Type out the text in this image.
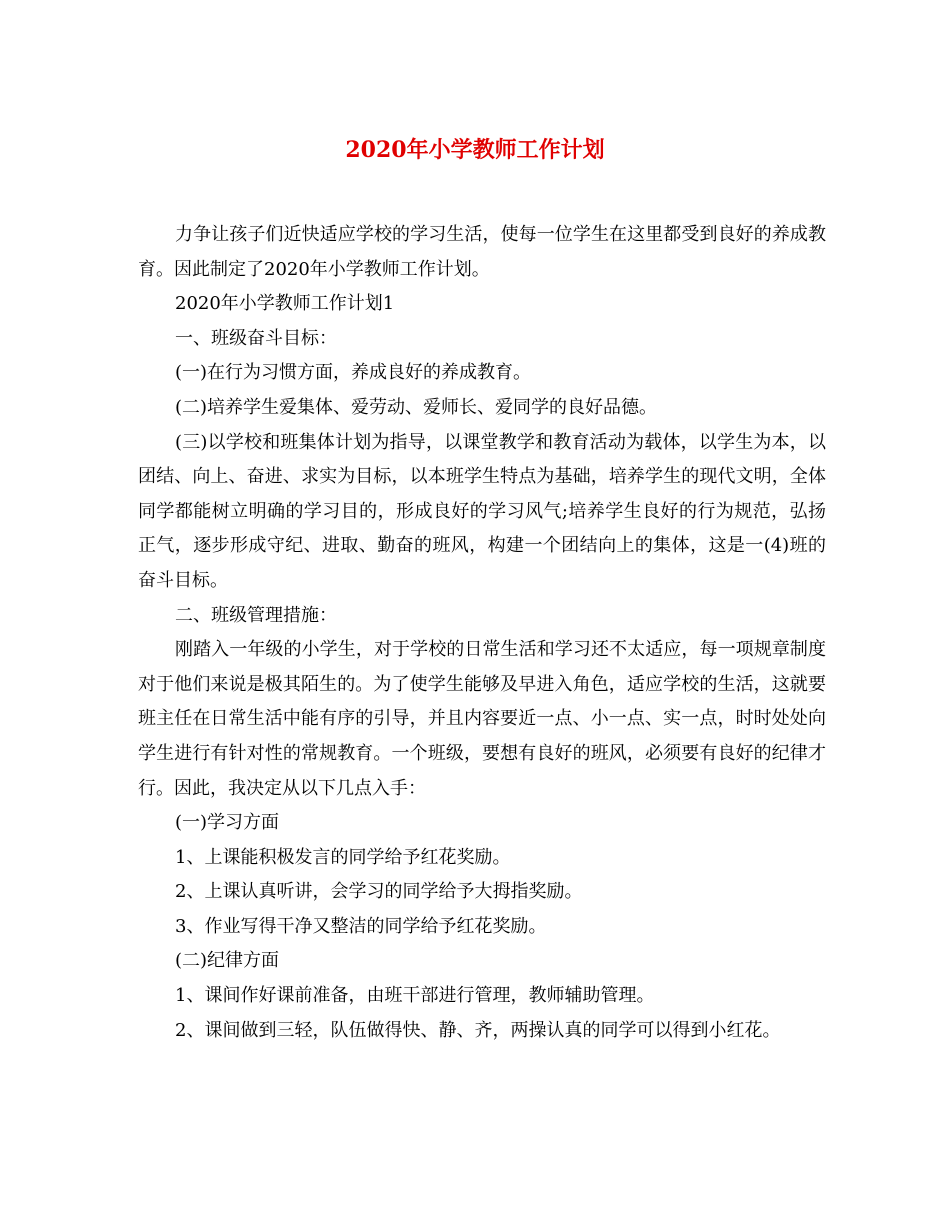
2020年小学教师工作计划

力争让孩子们近快适应学校的学习生活，使每一位学生在这里都受到良好的养成教育。因此制定了2020年小学教师工作计划。

2020年小学教师工作计划1

一、班级奋斗目标：

(一)在行为习惯方面，养成良好的养成教育。

(二)培养学生爱集体、爱劳动、爱师长、爱同学的良好品德。

(三)以学校和班集体计划为指导，以课堂教学和教育活动为载体，以学生为本，以团结、向上、奋进、求实为目标，以本班学生特点为基础，培养学生的现代文明，全体同学都能树立明确的学习目的，形成良好的学习风气;培养学生良好的行为规范，弘扬正气，逐步形成守纪、进取、勤奋的班风，构建一个团结向上的集体，这是一(4)班的奋斗目标。

二、班级管理措施：

刚踏入一年级的小学生，对于学校的日常生活和学习还不太适应，每一项规章制度对于他们来说是极其陌生的。为了使学生能够及早进入角色，适应学校的生活，这就要班主任在日常生活中能有序的引导，并且内容要近一点、小一点、实一点，时时处处向学生进行有针对性的常规教育。一个班级，要想有良好的班风，必须要有良好的纪律才行。因此，我决定从以下几点入手：

(一)学习方面

1、上课能积极发言的同学给予红花奖励。

2、上课认真听讲，会学习的同学给予大拇指奖励。

3、作业写得干净又整洁的同学给予红花奖励。

(二)纪律方面

1、课间作好课前准备，由班干部进行管理，教师辅助管理。

2、课间做到三轻，队伍做得快、静、齐，两操认真的同学可以得到小红花。
